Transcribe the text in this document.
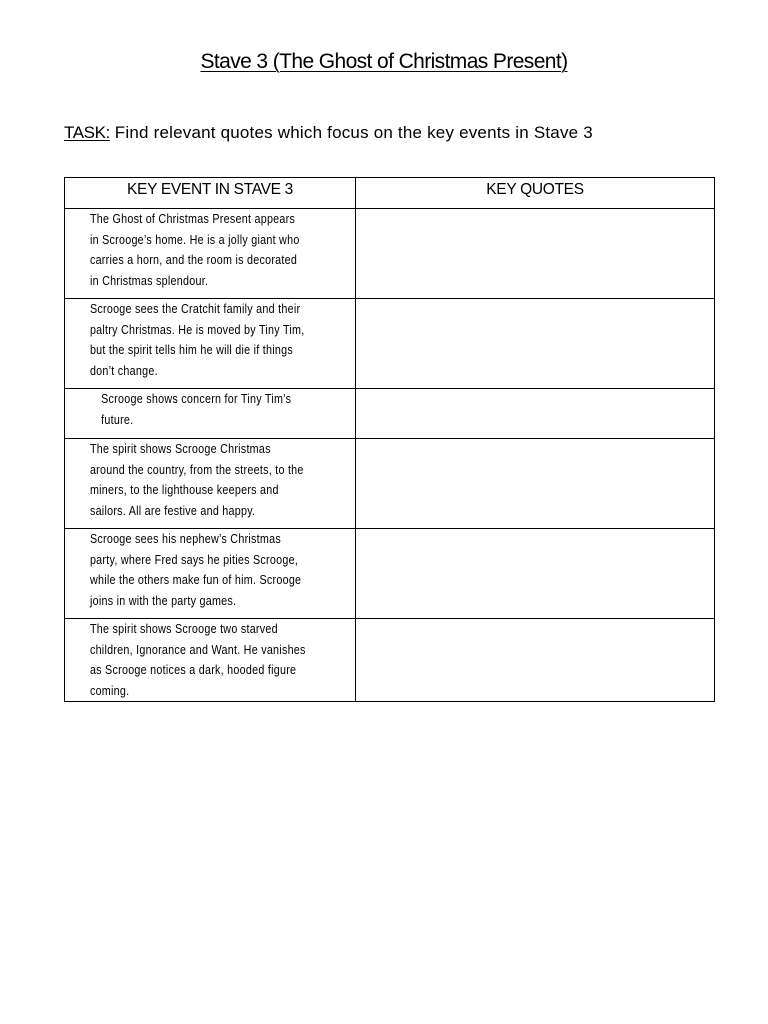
Stave 3 (The Ghost of Christmas Present)
TASK: Find relevant quotes which focus on the key events in Stave 3
KEY EVENT IN STAVE 3	KEY QUOTES

The Ghost of Christmas Present appears in Scrooge’s home. He is a jolly giant who carries a horn, and the room is decorated in Christmas splendour.	

Scrooge sees the Cratchit family and their paltry Christmas. He is moved by Tiny Tim, but the spirit tells him he will die if things don’t change.	

Scrooge shows concern for Tiny Tim’s future.	

The spirit shows Scrooge Christmas around the country, from the streets, to the miners, to the lighthouse keepers and sailors. All are festive and happy.	

Scrooge sees his nephew’s Christmas party, where Fred says he pities Scrooge, while the others make fun of him. Scrooge joins in with the party games.	

The spirit shows Scrooge two starved children, Ignorance and Want. He vanishes as Scrooge notices a dark, hooded figure coming.	
